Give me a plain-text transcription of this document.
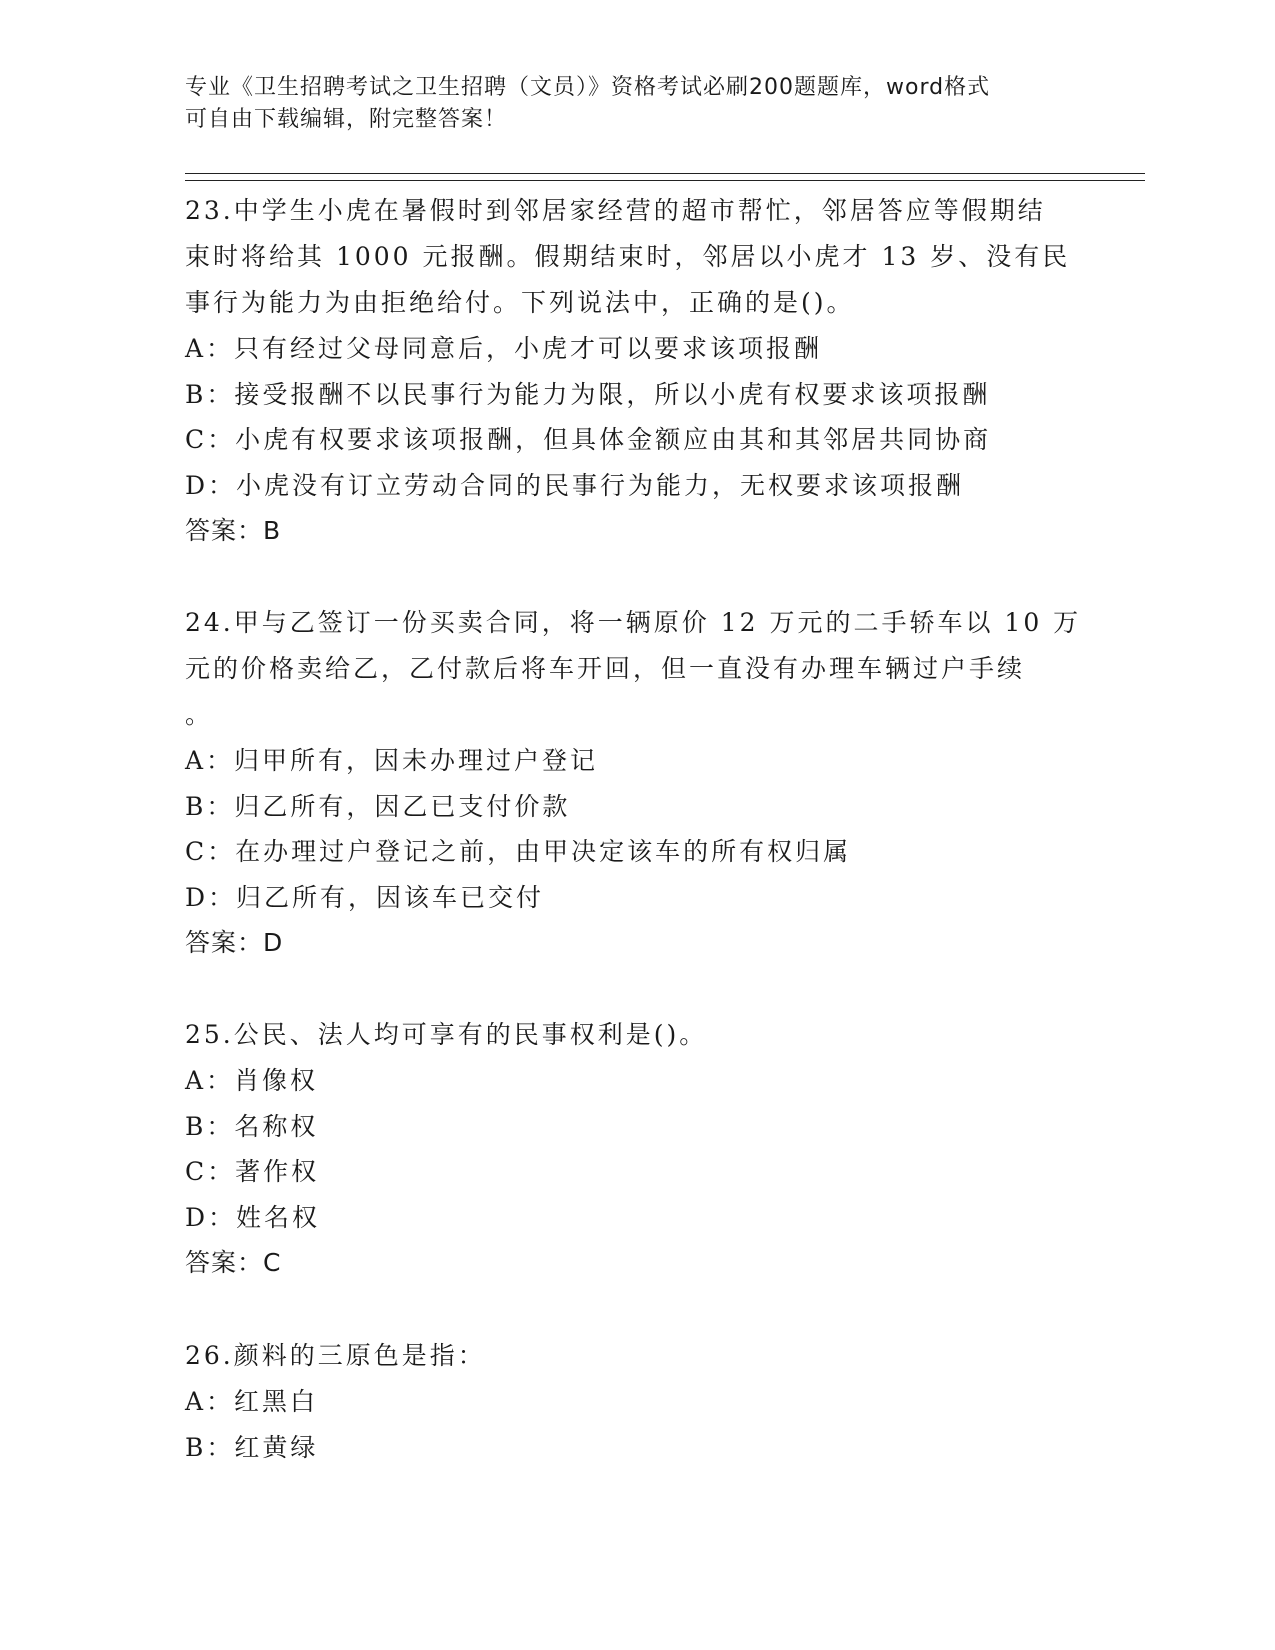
专业《卫生招聘考试之卫生招聘（文员）》资格考试必刷200题题库，word格式
可自由下载编辑，附完整答案！

23.中学生小虎在暑假时到邻居家经营的超市帮忙，邻居答应等假期结

束时将给其 1000 元报酬。假期结束时，邻居以小虎才 13 岁、没有民

事行为能力为由拒绝给付。下列说法中，正确的是()。

A：只有经过父母同意后，小虎才可以要求该项报酬

B：接受报酬不以民事行为能力为限，所以小虎有权要求该项报酬

C：小虎有权要求该项报酬，但具体金额应由其和其邻居共同协商

D：小虎没有订立劳动合同的民事行为能力，无权要求该项报酬

答案：B

24.甲与乙签订一份买卖合同，将一辆原价 12 万元的二手轿车以 10 万

元的价格卖给乙，乙付款后将车开回，但一直没有办理车辆过户手续

。

A：归甲所有，因未办理过户登记

B：归乙所有，因乙已支付价款

C：在办理过户登记之前，由甲决定该车的所有权归属

D：归乙所有，因该车已交付

答案：D

25.公民、法人均可享有的民事权利是()。

A：肖像权

B：名称权

C：著作权

D：姓名权

答案：C

26.颜料的三原色是指：

A：红黑白

B：红黄绿
